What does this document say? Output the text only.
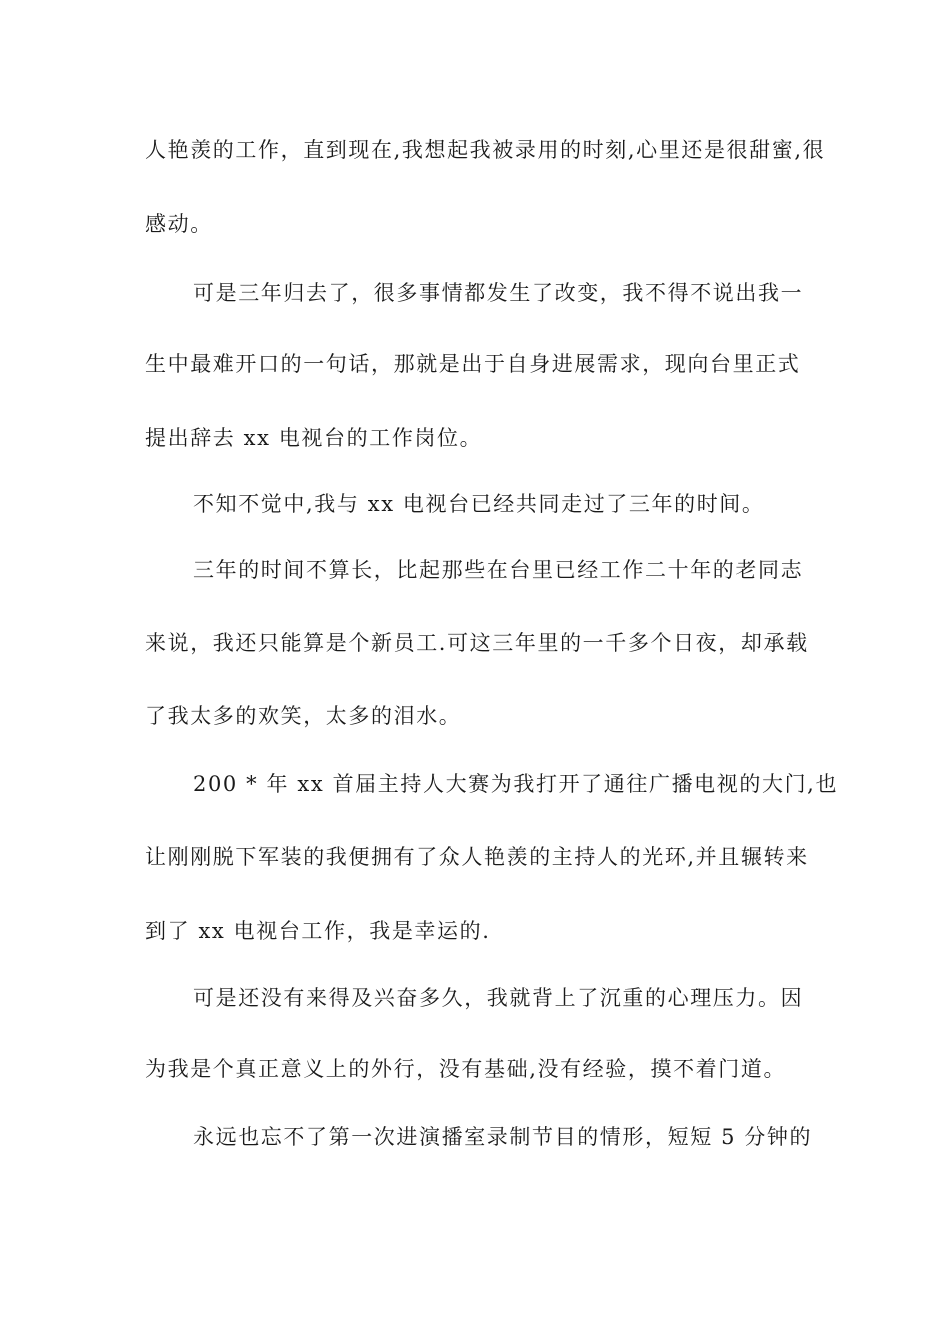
人艳羡的工作，直到现在,我想起我被录用的时刻,心里还是很甜蜜,很
感动。
可是三年归去了，很多事情都发生了改变，我不得不说出我一
生中最难开口的一句话，那就是出于自身进展需求，现向台里正式
提出辞去 xx 电视台的工作岗位。
不知不觉中,我与 xx 电视台已经共同走过了三年的时间。
三年的时间不算长，比起那些在台里已经工作二十年的老同志
来说，我还只能算是个新员工.可这三年里的一千多个日夜，却承载
了我太多的欢笑，太多的泪水。
200 * 年 xx 首届主持人大赛为我打开了通往广播电视的大门,也
让刚刚脱下军装的我便拥有了众人艳羡的主持人的光环,并且辗转来
到了 xx 电视台工作，我是幸运的.
可是还没有来得及兴奋多久，我就背上了沉重的心理压力。因
为我是个真正意义上的外行，没有基础,没有经验，摸不着门道。
永远也忘不了第一次进演播室录制节目的情形，短短 5 分钟的
